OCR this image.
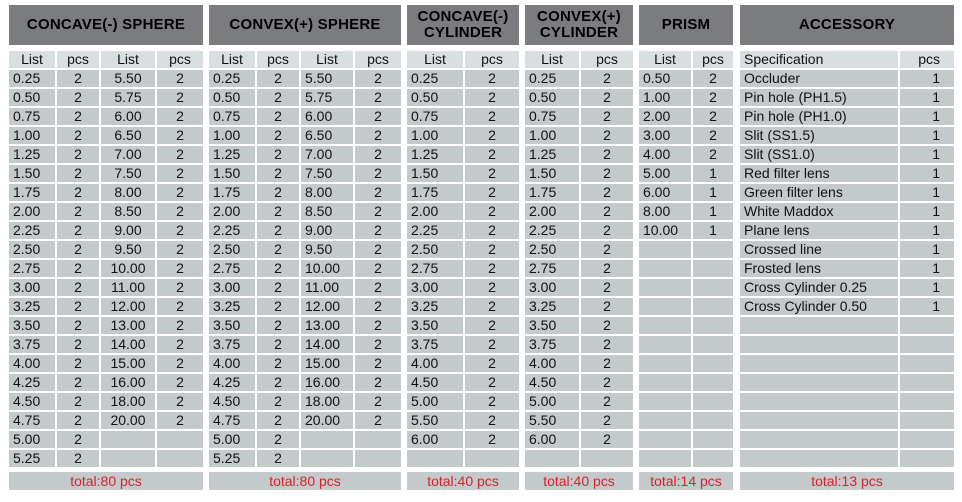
CONCAVE(-) SPHERE
List
0.25
0.50
0.75
1.00
1.25
1.50
1.75
2.00
2.25
2.50
2.75
3.00
3.25
3.50
3.75
4.00
4.25
4.50
4.75
5.00
5.25
pcs
2
2
2
2
2
2
2
2
2
2
2
2
2
2
2
2
2
2
2
2
2
List
5.50
5.75
6.00
6.50
7.00
7.50
8.00
8.50
9.00
9.50
10.00
11.00
12.00
13.00
14.00
15.00
16.00
18.00
20.00
pcs
2
2
2
2
2
2
2
2
2
2
2
2
2
2
2
2
2
2
2
total:80 pcs
CONVEX(+) SPHERE
List
0.25
0.50
0.75
1.00
1.25
1.50
1.75
2.00
2.25
2.50
2.75
3.00
3.25
3.50
3.75
4.00
4.25
4.50
4.75
5.00
5.25
pcs
2
2
2
2
2
2
2
2
2
2
2
2
2
2
2
2
2
2
2
2
2
List
5.50
5.75
6.00
6.50
7.00
7.50
8.00
8.50
9.00
9.50
10.00
11.00
12.00
13.00
14.00
15.00
16.00
18.00
20.00
pcs
2
2
2
2
2
2
2
2
2
2
2
2
2
2
2
2
2
2
2
total:80 pcs
CONCAVE(-)
CYLINDER
List
0.25
0.50
0.75
1.00
1.25
1.50
1.75
2.00
2.25
2.50
2.75
3.00
3.25
3.50
3.75
4.00
4.50
5.00
5.50
6.00
pcs
2
2
2
2
2
2
2
2
2
2
2
2
2
2
2
2
2
2
2
2
total:40 pcs
CONVEX(+)
CYLINDER
List
0.25
0.50
0.75
1.00
1.25
1.50
1.75
2.00
2.25
2.50
2.75
3.00
3.25
3.50
3.75
4.00
4.50
5.00
5.50
6.00
pcs
2
2
2
2
2
2
2
2
2
2
2
2
2
2
2
2
2
2
2
2
total:40 pcs
PRISM
List
0.50
1.00
2.00
3.00
4.00
5.00
6.00
8.00
10.00
pcs
2
2
2
2
2
1
1
1
1
total:14 pcs
ACCESSORY
Specification
Occluder
Pin hole (PH1.5)
Pin hole (PH1.0)
Slit (SS1.5)
Slit (SS1.0)
Red filter lens
Green filter lens
White Maddox
Plane lens
Crossed line
Frosted lens
Cross Cylinder 0.25
Cross Cylinder 0.50
pcs
1
1
1
1
1
1
1
1
1
1
1
1
1
total:13 pcs
